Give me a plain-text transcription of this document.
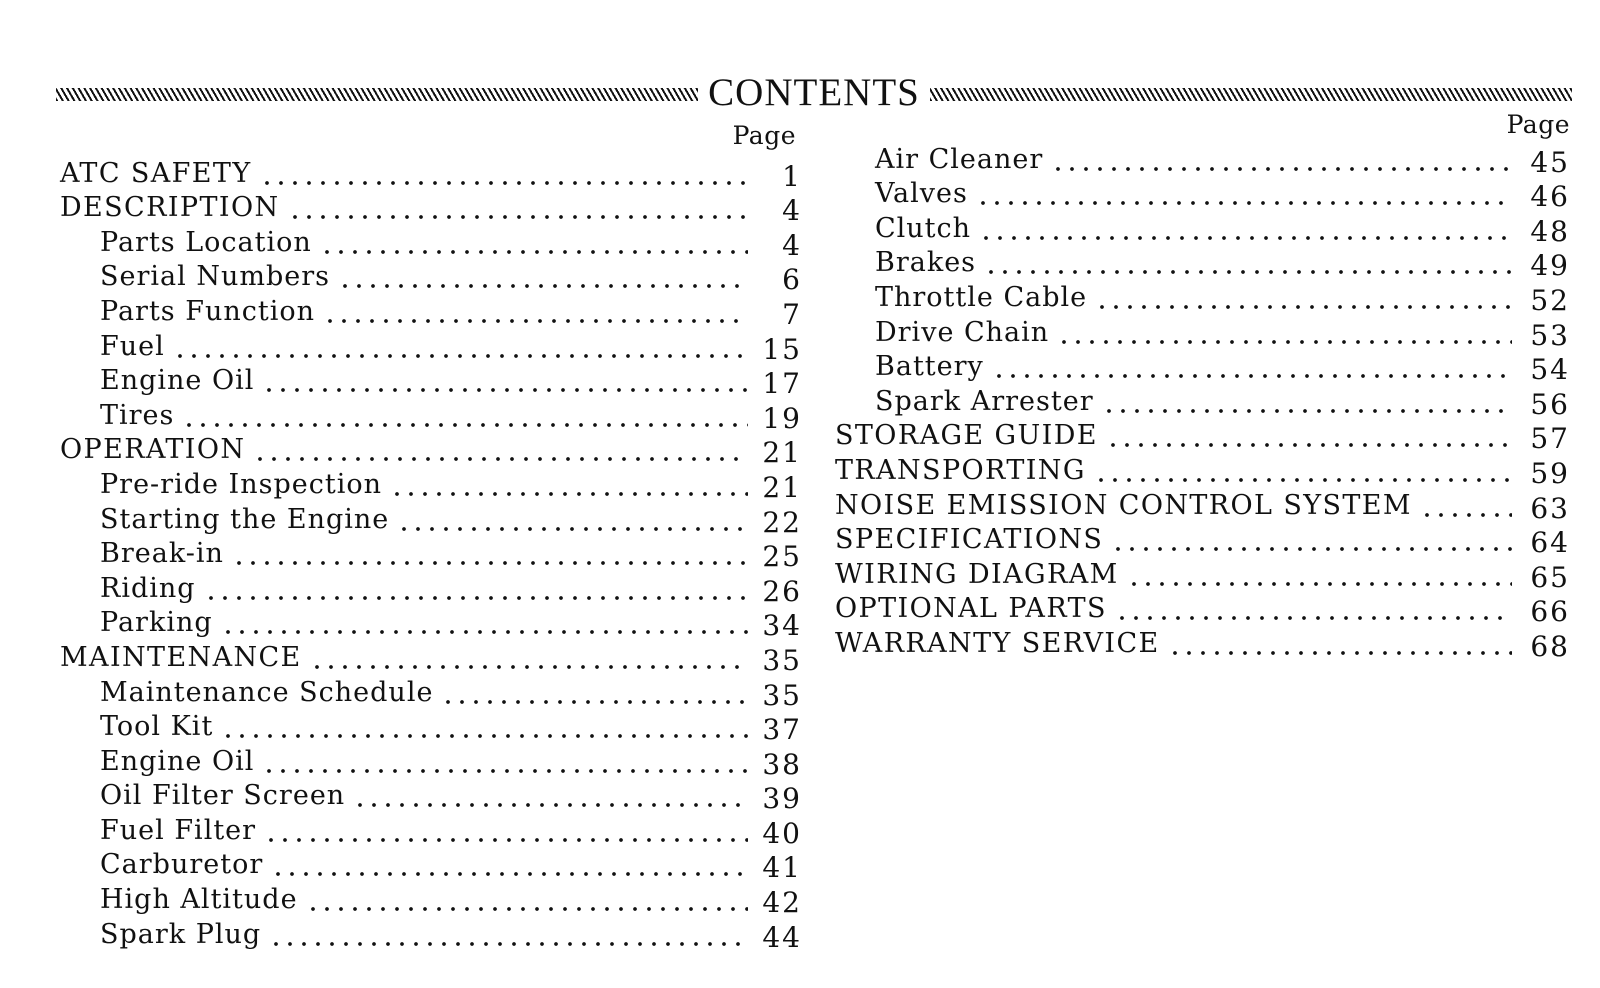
CONTENTS
Page
ATC SAFETY	1
DESCRIPTION	4
Parts Location	4
Serial Numbers	6
Parts Function	7
Fuel	15
Engine Oil	17
Tires	19
OPERATION	21
Pre-ride Inspection	21
Starting the Engine	22
Break-in	25
Riding	26
Parking	34
MAINTENANCE	35
Maintenance Schedule	35
Tool Kit	37
Engine Oil	38
Oil Filter Screen	39
Fuel Filter	40
Carburetor	41
High Altitude	42
Spark Plug	44
Page
Air Cleaner	45
Valves	46
Clutch	48
Brakes	49
Throttle Cable	52
Drive Chain	53
Battery	54
Spark Arrester	56
STORAGE GUIDE	57
TRANSPORTING	59
NOISE EMISSION CONTROL SYSTEM	63
SPECIFICATIONS	64
WIRING DIAGRAM	65
OPTIONAL PARTS	66
WARRANTY SERVICE	68
